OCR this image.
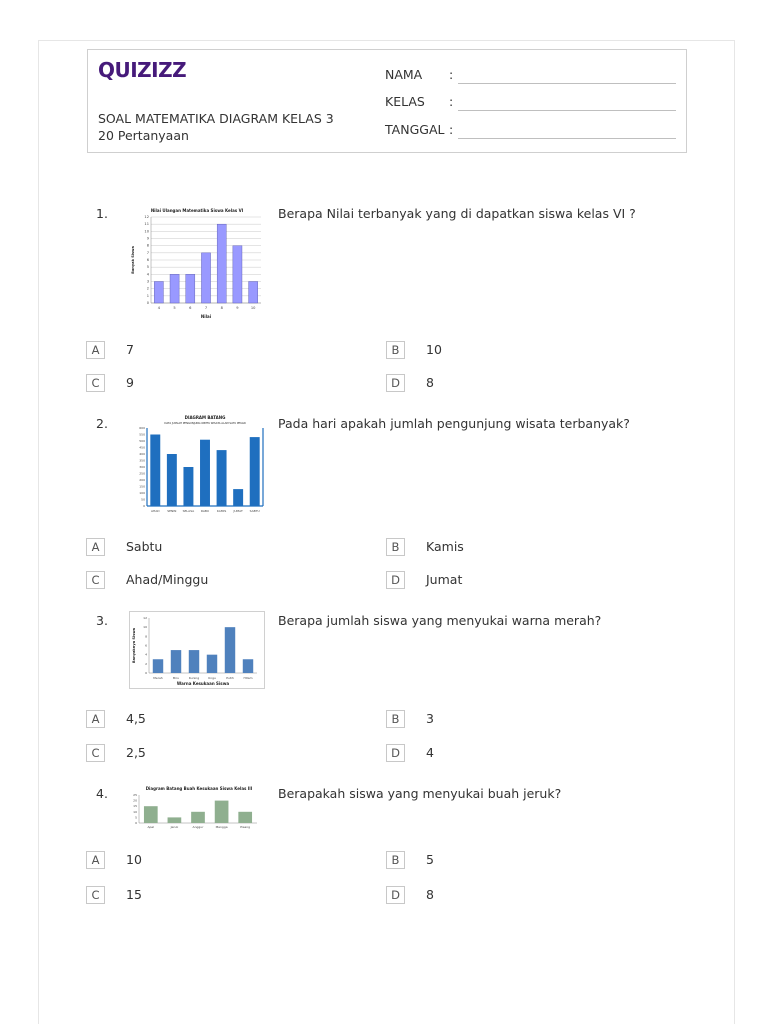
QUIZIZZ
SOAL MATEMATIKA DIAGRAM KELAS 3
20 Pertanyaan
NAMA :
KELAS :
TANGGAL :
1.	Nilai Ulangan Matematika Siswa Kelas VI
0
1
2
3
4
5
6
7
8
9
10
11
12
4	5	6	7	8	9	10
Nilai
Banyak Siswa
Berapa Nilai terbanyak yang di dapatkan siswa kelas VI ?
A	7	B	10
C	9	D	8
2.	DIAGRAM BATANG
DATA JUMLAH PENGUNJUNG OBYEK WISATA ALAM SATU PEKAN
0
50
100
150
200
250
300
350
400
450
500
550
600
AHAD	SENIN SELASA	RABU	KAMIS	JUMAT SABTU
Pada hari apakah jumlah pengunjung wisata terbanyak?
A	Sabtu	B	Kamis
C	Ahad/Minggu	D	Jumat
3.
0
2
4
6
8
10
12
Merah	Biru	Kuning	Ungu	Putih	Hitam
Warna Kesukaan Siswa
Banyaknya Siswa
Berapa jumlah siswa yang menyukai warna merah?
A	4,5	B	3
C	2,5	D	4
4.	Diagram Batang Buah Kesukaan Siswa Kelas III
0
5
10
15
20
25
Apel	Jeruk	Anggur	Mangga	Pisang
Berapakah siswa yang menyukai buah jeruk?
A	10	B	5
C	15	D	8
